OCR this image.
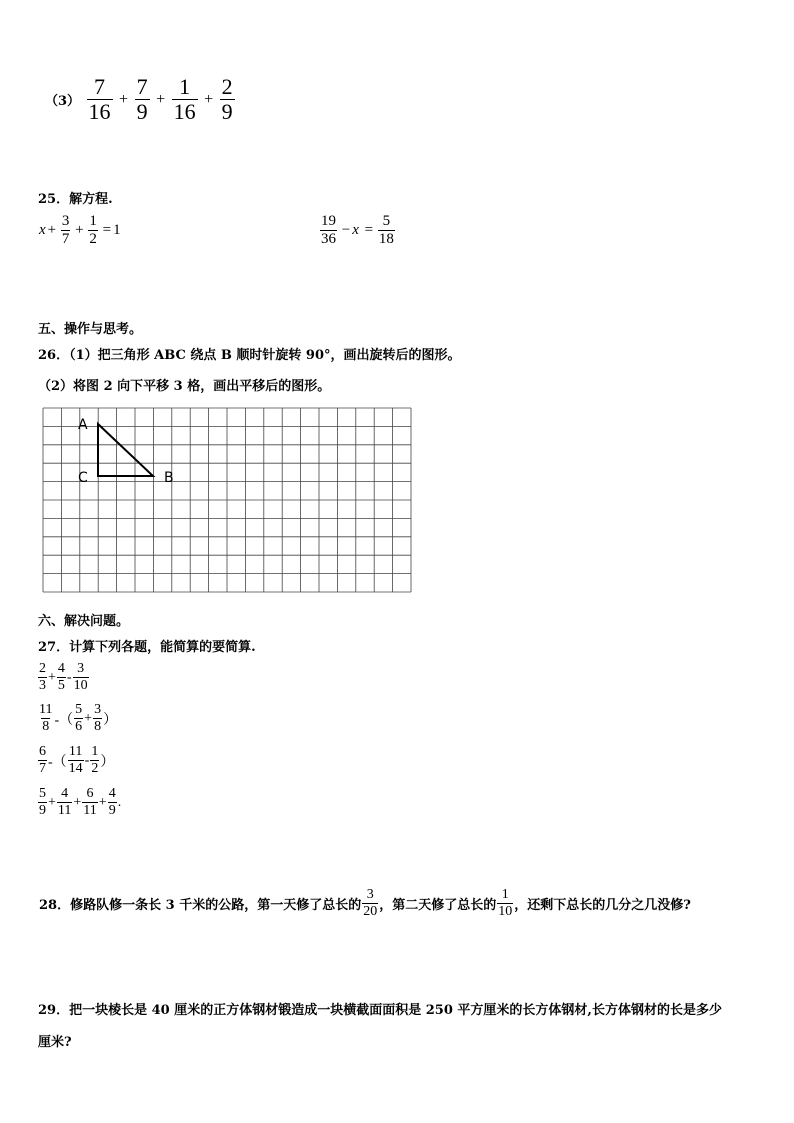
$(3) \frac{7}{16} + \frac{7}{9} + \frac{1}{16} + \frac{2}{9}$
25．解方程.
$x + \frac{3}{7} + \frac{1}{2} = 1$	$\frac{19}{36} - x = \frac{5}{18}$
五、操作与思考。
26．（1）把三角形 ABC 绕点 B 顺时针旋转 90°，画出旋转后的图形。
（2）将图 2 向下平移 3 格，画出平移后的图形。
A
C	B
六、解决问题。
27．计算下列各题，能简算的要简算.
$\frac{2}{3} + \frac{4}{5} - \frac{3}{10}$
$\frac{11}{8}$ -（ $\frac{5}{6} + \frac{3}{8}$ ）
$\frac{6}{7}$ -（ $\frac{11}{14} - \frac{1}{2}$ ）
$\frac{5}{9} + \frac{4}{11} + \frac{6}{11} + \frac{4}{9}$ .
28．修路队修一条长 3 千米的公路，第一天修了总长的 $\frac{3}{20}$ ，第二天修了总长的 $\frac{1}{10}$ ，还剩下总长的几分之几没修?
29．把一块棱长是 40 厘米的正方体钢材锻造成一块横截面面积是 250 平方厘米的长方体钢材,长方体钢材的长是多少
厘米?
